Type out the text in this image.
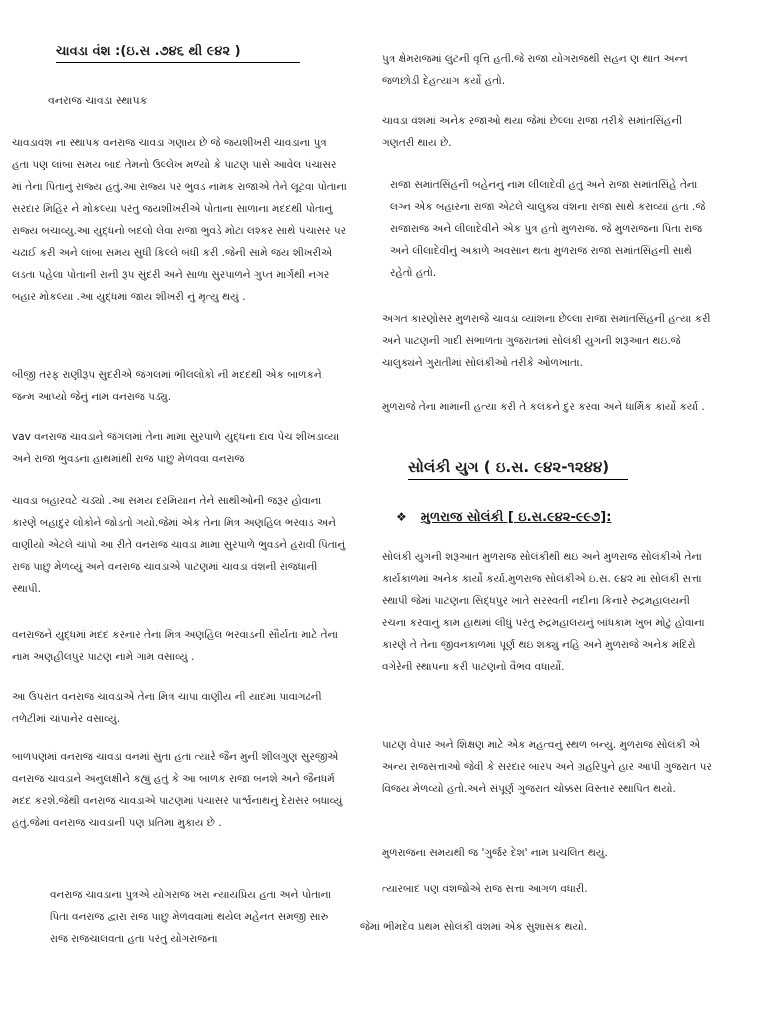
ચાવડા વંશ :(ઇ.સ .૭૪૬ થી ૯૪૨ )
વનરાજ ચાવડા સ્થાપક

ચાવડાવંશ ના સ્થાપક વનરાજ ચાવડા ગણાય છે જે જયશીખરી ચાવડાના પુત્ર હતા પણ લાંબા સમય બાદ તેમનો ઉલ્લેખ મળ્યો કે પાટણ પાસે આવેલ પંચાસર માં તેના પિતાનું રાજ્ય હતું.આ રાજ્ય પર ભુવડ નામક રાજાએ તેને લૂટવા પોતાના સરદાર મિહિર ને મોકલ્યા પરંતુ જયશીખરીએ પોતાના સાળાના મદદથી પોતાનું રાજ્ય બચાવ્યુ.આ યુદ્ધનો બદલો લેવા રાજા ભુવડે મોટા લશ્કર સાથે પંચાસર પર ચઢાઈ કરી અને લાંબા સમય સુધી કિલ્લે બંધી કરી .જેની સામે જય શીખરીએ લડતા પહેલા પોતાની રાની રૂપ સુંદરી અને સાળા સુરપાળને ગુપ્ત માર્ગથી નગર બહાર મોકલ્યા .આ યુદ્ધમાં જાય શીખરી નું મૃત્યુ થયું .

બીજી તરફ રાણીરૂપ સુદરીએ જંગલમાં ભીલલોકો ની મદદથી એક બાળકને જન્મ આપ્યો જેનું નામ વનરાજ પડ્યુ.

vav વનરાજ ચાવડાને જંગલમાં તેના મામા સુરપાળે યુદ્ધના દાવ પેચ શીખડાવ્યા અને રાજા ભુવડના હાથમાંથી રાજ પાછુ મેળવવા વનરાજ

ચાવડા બહારવટે ચડ્યો .આ સમય દરમિયાન તેને સાથીઓની જરૂર હોવાના કારણે બહાદુર લોકોને જોડતો ગયો.જેમાં એક તેના મિત્ર અણહિલ ભરવાડ અને વાણીયો એટલે ચાંપો આ રીતે વનરાજ ચાવડા મામા સુરપાળે ભુવડને હરાવી પિતાનું રાજ પાછુ મેળવ્યું અને વનરાજ ચાવડાએ પાટણમાં ચાવડા વંશની રાજધાની સ્થાપી.

વનરાજને યુદ્ધમાં મદદ કરનાર તેના મિત્ર અણહિલ ભરવાડની સૌર્યતા માટે તેના નામ અણહીલપુર પાટણ નામે ગામ વસાવ્યું .

આ ઉપરાંત વનરાજ ચાવડાએ તેના મિત્ર ચાપા વાણીય ની યાદમાં પાવાગઢની તળેટીમાં ચાંપાનેર વસાવ્યું.

બાળપણમાં વનરાજ ચાવડા વનમાં સુતા હતા ત્યારે જૈન મુની શીલગુણ સુરજીએ વનરાજ ચાવડાને અનુલક્ષીને કહ્યું હતું કે આ બાળક રાજા બનશે અને જૈનધર્મ મદદ કરશે.જેથી વનરાજ ચાવડાએ પાટણમાં પંચાસર પાર્શ્વનાથનું દેરાસર બધાવ્યું હતું.જેમાં વનરાજ ચાવડાની પણ પ્રતિમા મુકાય છે .

વનરાજ ચાવડાના પુત્રએ યોગરાજ ખરા ન્યાયપ્રિય હતા અને પોતાના પિતા વનરાજ દ્વારા રાજ પાછુ મેળવવામાં થયેલ મહેનત સમજી સારુ રાજ રાજચાલવતા હતા પરંતુ યોગરાજના

પુત્ર ક્ષેમરાજમાં લુંટની વૃત્તિ હતી.જે રાજા યોગરાજથી સહન ણ થાત અન્ન જળછોડી દેહત્યાગ કર્યો હતો.

ચાવડા વંશમાં અનેક રજાઓ થયા જેમાં છેલ્લા રાજા તરીકે સમાંતસિંહની ગણતરી થાય છે.

રાજા સમાંતસિંહની બહેનનું નામ લીલાદેવી હતું અને રાજા સમાંતસિંહે તેના લગ્ન એક બહારના રાજા એટલે ચાલુક્ય વંશના રાજા સાથે કરાવ્યાં હતા .જે રાજારાજ અને લીલાદેવીને એક પુત્ર હતો મુળરાજ. જે મુળરાજના પિતા રાજ અને લીલાદેવીનું અકાળે અવસાન થતા મુળરાજ રાજા સમાંતસિંહની સાથે રહેતો હતો.

અગત કારણોસર મુળરાજે ચાવડા વ્યાંશના છેલ્લા રાજા સમાંતસિંહની હત્યા કરી અને પાટણની ગાદી સંભાળતા ગુજરાતમાં સોલંકી યુગની શરૂઆત થઇ.જે ચાલુક્યને ગુરાતીમાં સોલંકીઓ તરીકે ઓળખાતા.

મુળરાજે તેના મામાની હત્યા કરી તે કલંકને દુર કરવા અને ધાર્મિક કાર્યો કર્યા .

સોલંકી યુગ ( ઇ.સ. ૯૪૨-૧૨૪૪)
❖ મુળરાજ સોલંકી [ ઇ.સ.૯૪૨-૯૯૭]:

સોલંકી યુગની શરૂઆત મુળરાજ સોલંકીથી થઇ અને મુળરાજ સોલંકીએ તેના કાર્યકાળમાં અનેક કાર્યો કર્યા.મુળરાજ સોલંકીએ ઇ.સ. ૯૪૨ માં સોલંકી સત્તા સ્થાપી જેમાં પાટણના સિદ્ધપુર ખાતે સરસ્વતી નદીના કિનારે રુદ્રમહાલયની રચના કરવાનું કામ હાથમાં લીધું પરંતુ રુદ્રમહાલયનું બાંધકામ ખુબ મોટું હોવાના કારણે તે તેના જીવનકાળમાં પૂર્ણ થઇ શક્યુ નહિ અને મુળરાજે અનેક મંદિરો વગેરેની સ્થાપના કરી પાટણનો વૈભવ વધાર્યો.

પાટણ વેપાર અને શિક્ષણ માટે એક મહત્વનું સ્થળ બન્યું. મુળરાજ સોલંકી એ અન્ય રાજસત્તાઓ જેવી કે સરદાર બારપ અને ગ્રહરિપુને હાર આપી ગુજરાત પર વિજય મેળવ્યો હતો.અને સંપૂર્ણ ગુજરાત ચોક્કસ વિસ્તાર સ્થાપિત થયો.

મુળરાજના સમયથી જ 'ગુર્જર દેશ' નામ પ્રચલિત થયું.

ત્યારબાદ પણ વંશજોએ રાજ સત્તા આગળ વધારી.

જેમાં ભીમદેવ પ્રથમ સોલંકી વંશમાં એક સુશાસક થયો.
